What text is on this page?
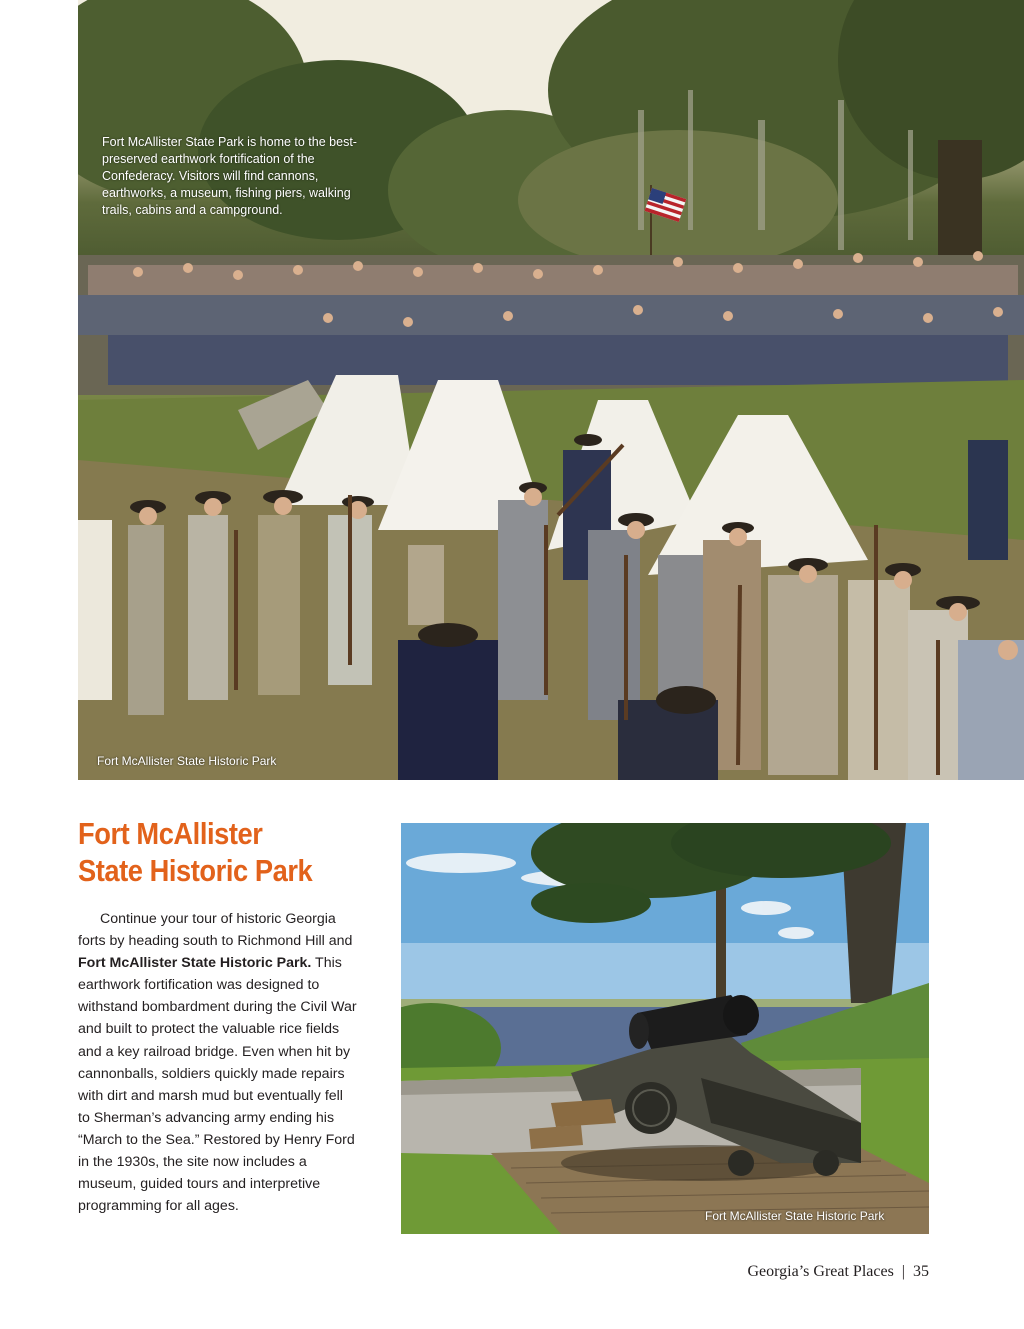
Fort McAllister State Park is home to the best-preserved earthwork fortification of the Confederacy. Visitors will find cannons, earthworks, a museum, fishing piers, walking trails, cabins and a campground.
Fort McAllister State Historic Park
Fort McAllister
State Historic Park

Continue your tour of historic Georgia forts by heading south to Richmond Hill and Fort McAllister State Historic Park. This earthwork fortification was designed to withstand bombardment during the Civil War and built to protect the valuable rice fields and a key railroad bridge. Even when hit by cannonballs, soldiers quickly made repairs with dirt and marsh mud but eventually fell to Sherman’s advancing army ending his “March to the Sea.” Restored by Henry Ford in the 1930s, the site now includes a museum, guided tours and interpretive programming for all ages.

Fort McAllister State Historic Park
Georgia’s Great Places | 35
